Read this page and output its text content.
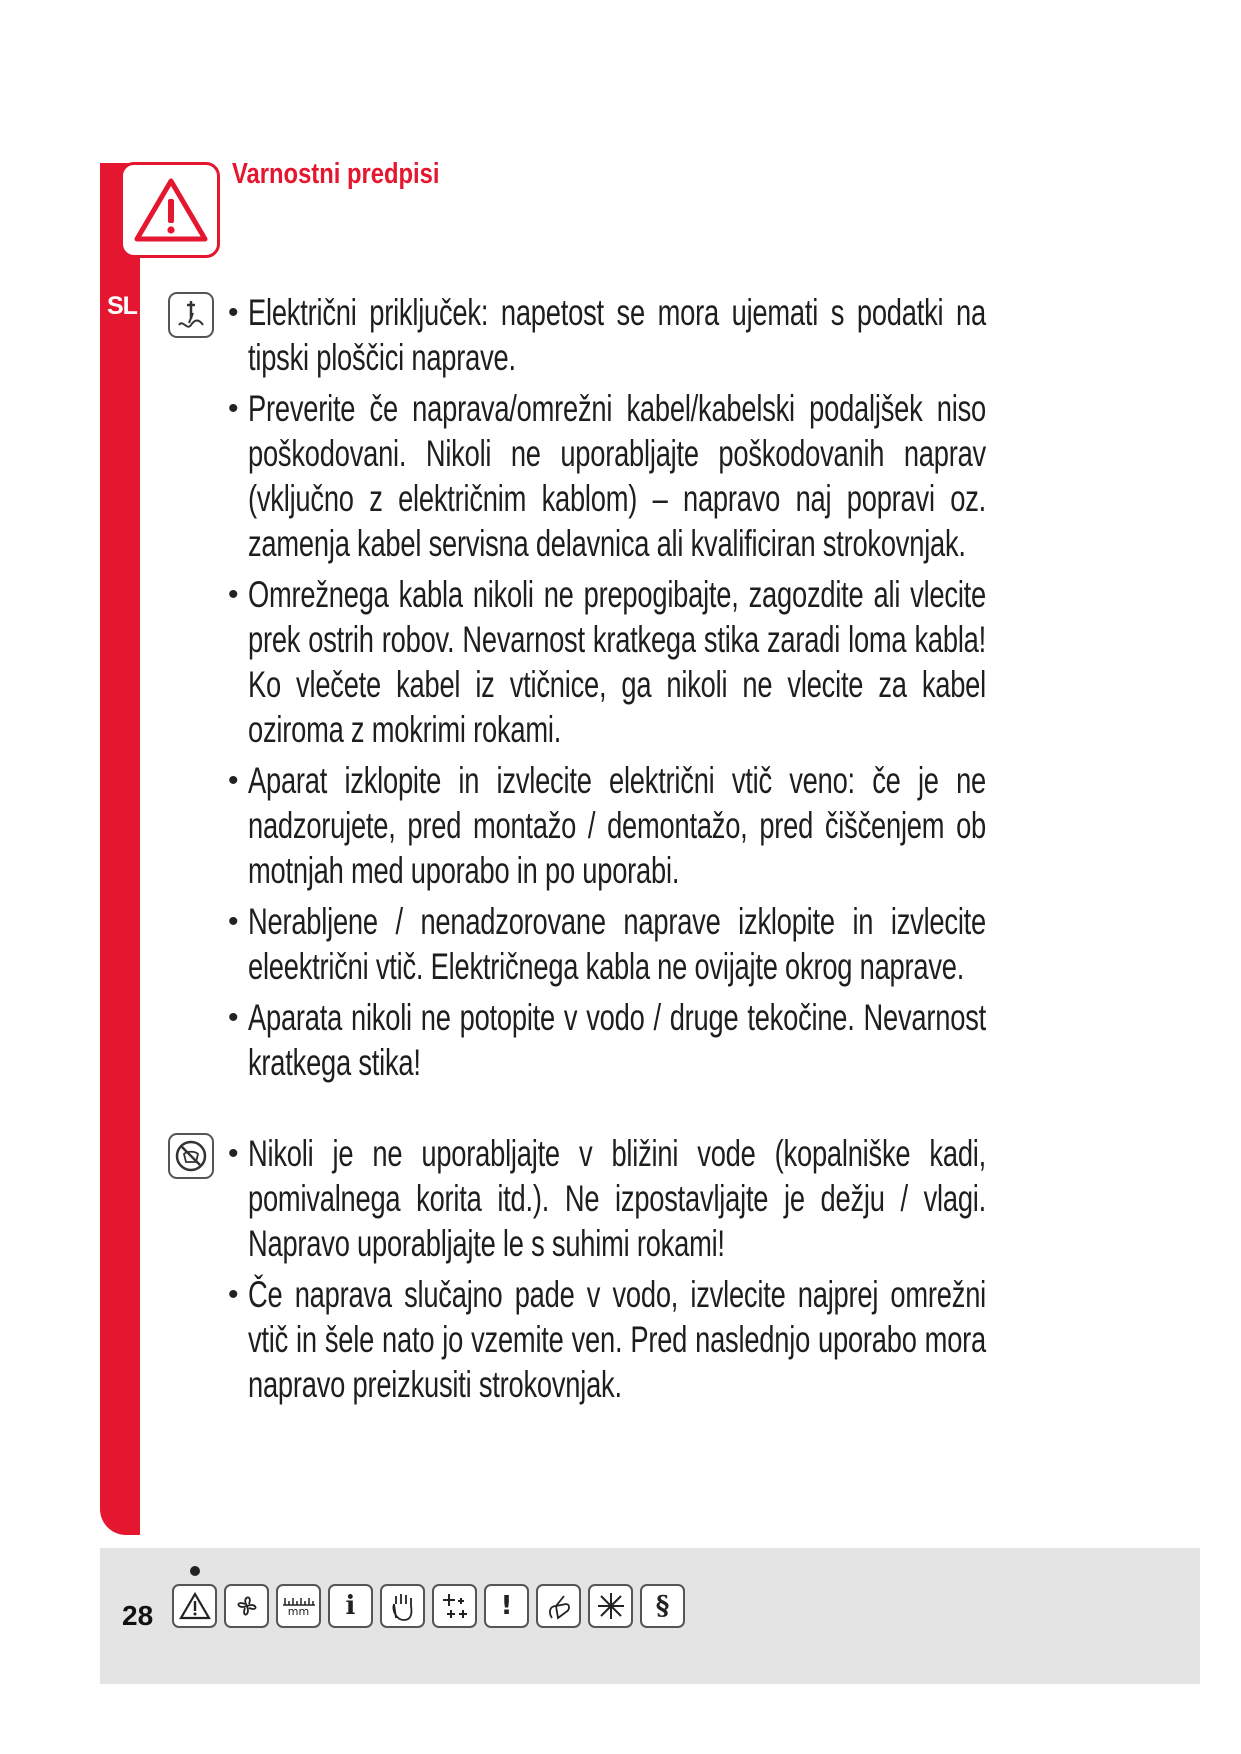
SL
Varnostni predpisi
• Električni priključek: napetost se mora ujemati s podatki na tipski ploščici naprave.
• Preverite če naprava/omrežni kabel/kabelski podaljšek niso poškodovani. Nikoli ne uporabljajte poškodovanih naprav (vključno z električnim kablom) – napravo naj popravi oz. zamenja kabel servisna delavnica ali kvalificiran strokovnjak.
• Omrežnega kabla nikoli ne prepogibajte, zagozdite ali vlecite prek ostrih robov. Nevarnost kratkega stika zaradi loma kabla! Ko vlečete kabel iz vtičnice, ga nikoli ne vlecite za kabel oziroma z mokrimi rokami.
• Aparat izklopite in izvlecite električni vtič veno: če je ne nadzorujete, pred montažo / demontažo, pred čiščenjem ob motnjah med uporabo in po uporabi.
• Nerabljene / nenadzorovane naprave izklopite in izvlecite eleektrični vtič. Električnega kabla ne ovijajte okrog naprave.
• Aparata nikoli ne potopite v vodo / druge tekočine. Nevarnost kratkega stika!
• Nikoli je ne uporabljajte v bližini vode (kopalniške kadi, pomivalnega korita itd.). Ne izpostavljajte je dežju / vlagi. Napravo uporabljajte le s suhimi rokami!
• Če naprava slučajno pade v vodo, izvlecite najprej omrežni vtič in šele nato jo vzemite ven. Pred naslednjo uporabo mora napravo preizkusiti strokovnjak.
28	mm i	!	§
